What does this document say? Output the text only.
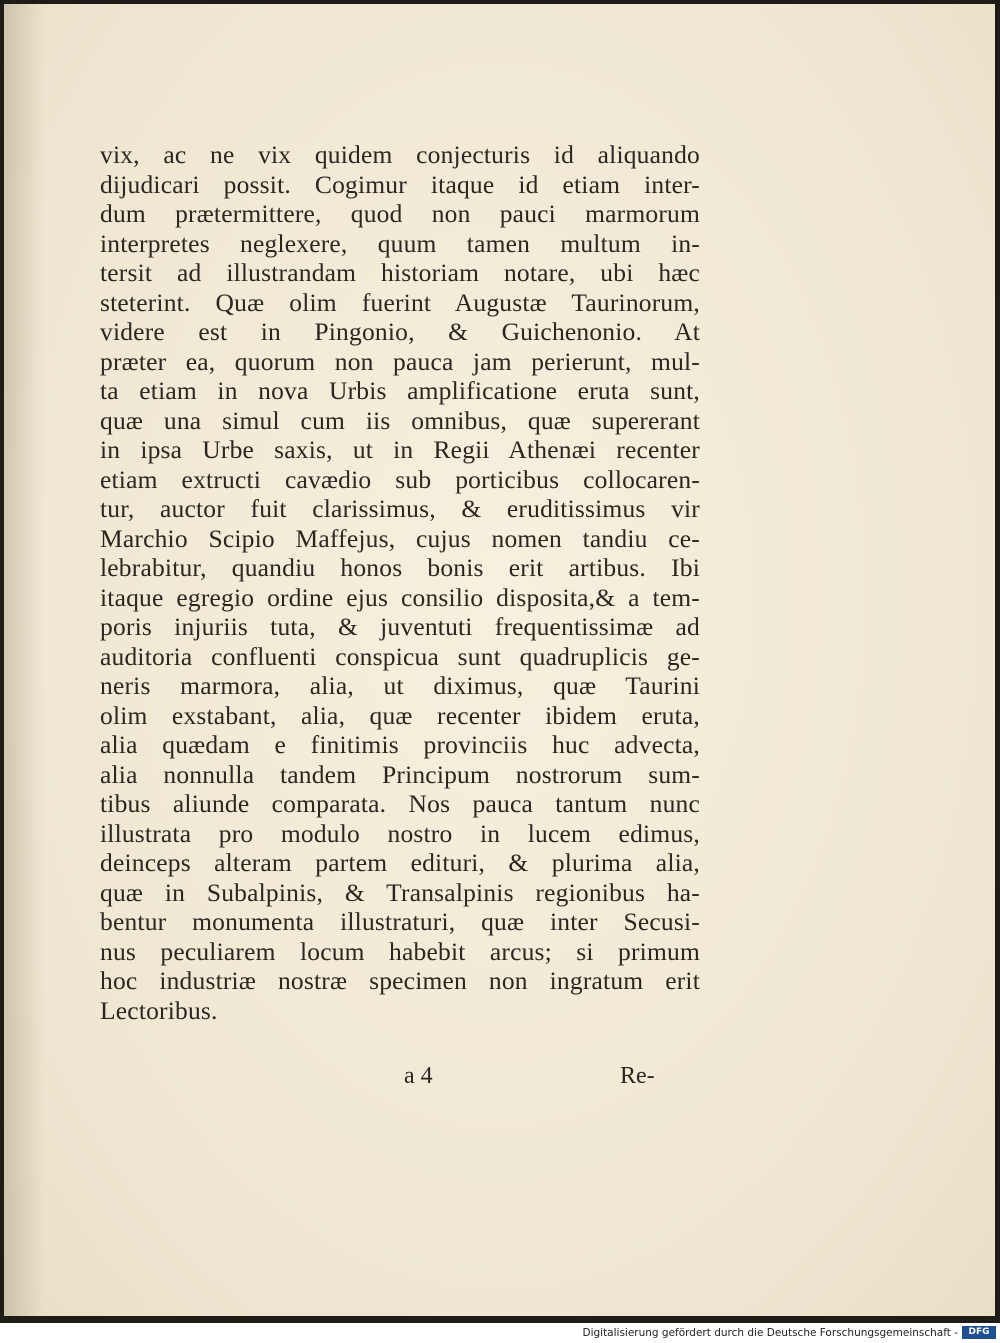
vix, ac ne vix quidem conjecturis id aliquando
dijudicari possit. Cogimur itaque id etiam inter-
dum prætermittere, quod non pauci marmorum
interpretes neglexere, quum tamen multum in-
tersit ad illustrandam historiam notare, ubi hæc
steterint. Quæ olim fuerint Augustæ Taurinorum,
videre est in Pingonio, & Guichenonio. At
præter ea, quorum non pauca jam perierunt, mul-
ta etiam in nova Urbis amplificatione eruta sunt,
quæ una simul cum iis omnibus, quæ supererant
in ipsa Urbe saxis, ut in Regii Athenæi recenter
etiam extructi cavædio sub porticibus collocaren-
tur, auctor fuit clarissimus, & eruditissimus vir
Marchio Scipio Maffejus, cujus nomen tandiu ce-
lebrabitur, quandiu honos bonis erit artibus. Ibi
itaque egregio ordine ejus consilio disposita,& a tem-
poris injuriis tuta, & juventuti frequentissimæ ad
auditoria confluenti conspicua sunt quadruplicis ge-
neris marmora, alia, ut diximus, quæ Taurini
olim exstabant, alia, quæ recenter ibidem eruta,
alia quædam e finitimis provinciis huc advecta,
alia nonnulla tandem Principum nostrorum sum-
tibus aliunde comparata. Nos pauca tantum nunc
illustrata pro modulo nostro in lucem edimus,
deinceps alteram partem edituri, & plurima alia,
quæ in Subalpinis, & Transalpinis regionibus ha-
bentur monumenta illustraturi, quæ inter Secusi-
nus peculiarem locum habebit arcus; si primum
hoc industriæ nostræ specimen non ingratum erit
Lectoribus.
a 4	Re-
Digitalisierung gefördert durch die Deutsche Forschungsgemeinschaft -	DFG
